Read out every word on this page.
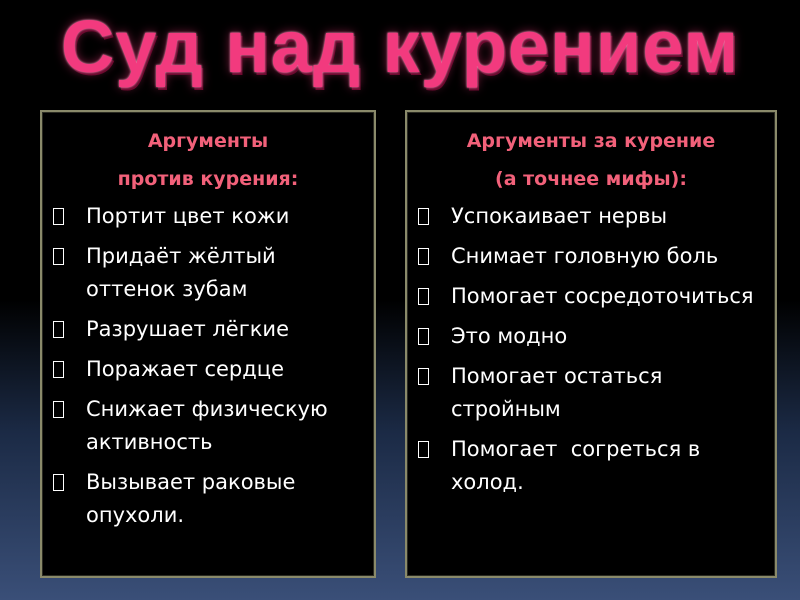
Суд над курением
Аргументы
против курения:
Портит цвет кожи
Придаёт жёлтый оттенок зубам
Разрушает лёгкие
Поражает сердце
Снижает физическую активность
Вызывает раковые опухоли.
Аргументы за курение
(а точнее мифы):
Успокаивает нервы
Снимает головную боль
Помогает сосредоточиться
Это модно
Помогает остаться стройным
Помогает  согреться в холод.
